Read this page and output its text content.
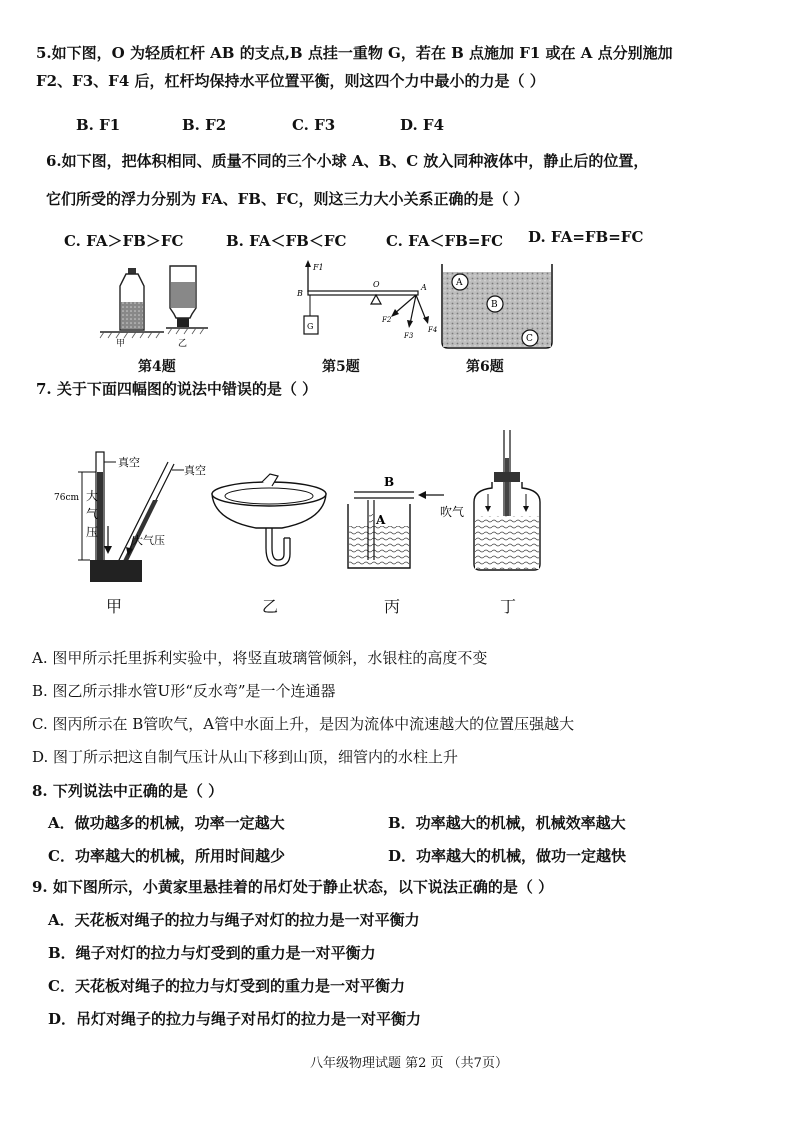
5.如下图，O 为轻质杠杆 AB 的支点,B 点挂一重物 G，若在 B 点施加 F1 或在 A 点分别施加
F2、F3、F4 后，杠杆均保持水平位置平衡，则这四个力中最小的力是（ ）
B. F1	B. F2	C. F3	D. F4
6.如下图，把体积相同、质量不同的三个小球 A、B、C 放入同种液体中，静止后的位置，
它们所受的浮力分别为 FA、FB、FC，则这三力大小关系正确的是（ ）
C. FA＞FB＞FC	B. FA＜FB＜FC	C. FA＜FB=FC D. FA=FB=FC
甲	乙
第4题
F1
B
O	A
G
F2
F3
F4
第5题
A
B
C
第6题
7. 关于下面四幅图的说法中错误的是（ ）
真空
真空
76cm 大
气
压
大气压
B
A
吹气
甲	乙	丙	丁
A. 图甲所示托里拆利实验中，将竖直玻璃管倾斜，水银柱的高度不变
B. 图乙所示排水管U形“反水弯”是一个连通器
C. 图丙所示在 B管吹气，A管中水面上升，是因为流体中流速越大的位置压强越大
D. 图丁所示把这自制气压计从山下移到山顶，细管内的水柱上升
8. 下列说法中正确的是（ ）
A．做功越多的机械，功率一定越大	B．功率越大的机械，机械效率越大
C．功率越大的机械，所用时间越少	D．功率越大的机械，做功一定越快
9. 如下图所示，小黄家里悬挂着的吊灯处于静止状态，以下说法正确的是（ ）
A．天花板对绳子的拉力与绳子对灯的拉力是一对平衡力
B．绳子对灯的拉力与灯受到的重力是一对平衡力
C．天花板对绳子的拉力与灯受到的重力是一对平衡力
D．吊灯对绳子的拉力与绳子对吊灯的拉力是一对平衡力
八年级物理试题 第2 页 （共7页）
